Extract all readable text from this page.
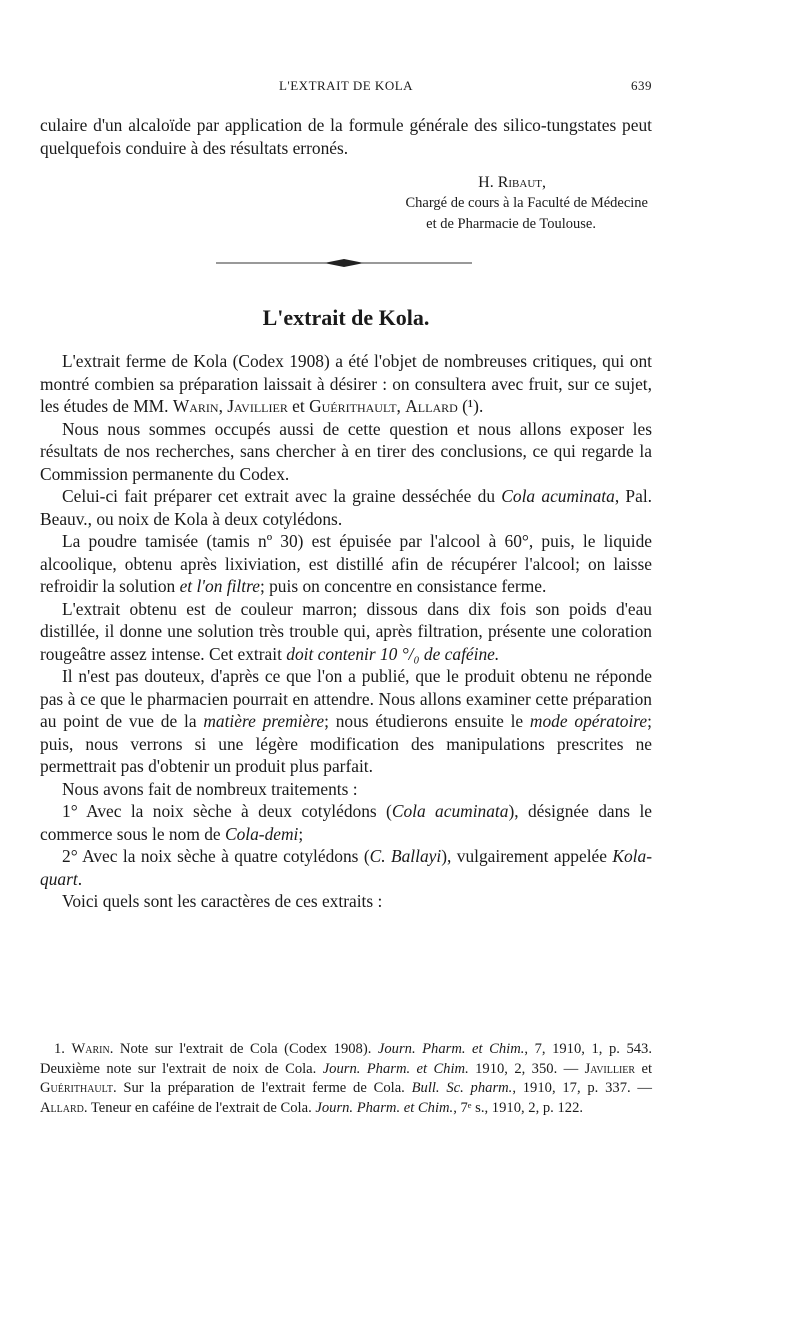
L'EXTRAIT DE KOLA	639

culaire d'un alcaloïde par application de la formule générale des silico-tungstates peut quelquefois conduire à des résultats erronés.

H. Ribaut,
Chargé de cours à la Faculté de Médecine
et de Pharmacie de Toulouse.
L'extrait de Kola.

L'extrait ferme de Kola (Codex 1908) a été l'objet de nombreuses critiques, qui ont montré combien sa préparation laissait à désirer : on consultera avec fruit, sur ce sujet, les études de MM. Warin, Javillier et Guérithault, Allard (¹).

Nous nous sommes occupés aussi de cette question et nous allons exposer les résultats de nos recherches, sans chercher à en tirer des conclusions, ce qui regarde la Commission permanente du Codex.

Celui-ci fait préparer cet extrait avec la graine desséchée du Cola acuminata, Pal. Beauv., ou noix de Kola à deux cotylédons.

La poudre tamisée (tamis nº 30) est épuisée par l'alcool à 60°, puis, le liquide alcoolique, obtenu après lixiviation, est distillé afin de récupérer l'alcool; on laisse refroidir la solution et l'on filtre; puis on concentre en consistance ferme.

L'extrait obtenu est de couleur marron; dissous dans dix fois son poids d'eau distillée, il donne une solution très trouble qui, après filtration, présente une coloration rougeâtre assez intense. Cet extrait doit contenir 10 °/₀ de caféine.

Il n'est pas douteux, d'après ce que l'on a publié, que le produit obtenu ne réponde pas à ce que le pharmacien pourrait en attendre. Nous allons examiner cette préparation au point de vue de la matière première; nous étudierons ensuite le mode opératoire; puis, nous verrons si une légère modification des manipulations prescrites ne permettrait pas d'obtenir un produit plus parfait.

Nous avons fait de nombreux traitements :

1° Avec la noix sèche à deux cotylédons (Cola acuminata), désignée dans le commerce sous le nom de Cola-demi;

2° Avec la noix sèche à quatre cotylédons (C. Ballayi), vulgairement appelée Kola-quart.

Voici quels sont les caractères de ces extraits :

1. Warin. Note sur l'extrait de Cola (Codex 1908). Journ. Pharm. et Chim., 7, 1910, 1, p. 543. Deuxième note sur l'extrait de noix de Cola. Journ. Pharm. et Chim. 1910, 2, 350. — Javillier et Guérithault. Sur la préparation de l'extrait ferme de Cola. Bull. Sc. pharm., 1910, 17, p. 337. — Allard. Teneur en caféine de l'extrait de Cola. Journ. Pharm. et Chim., 7ᵉ s., 1910, 2, p. 122.
